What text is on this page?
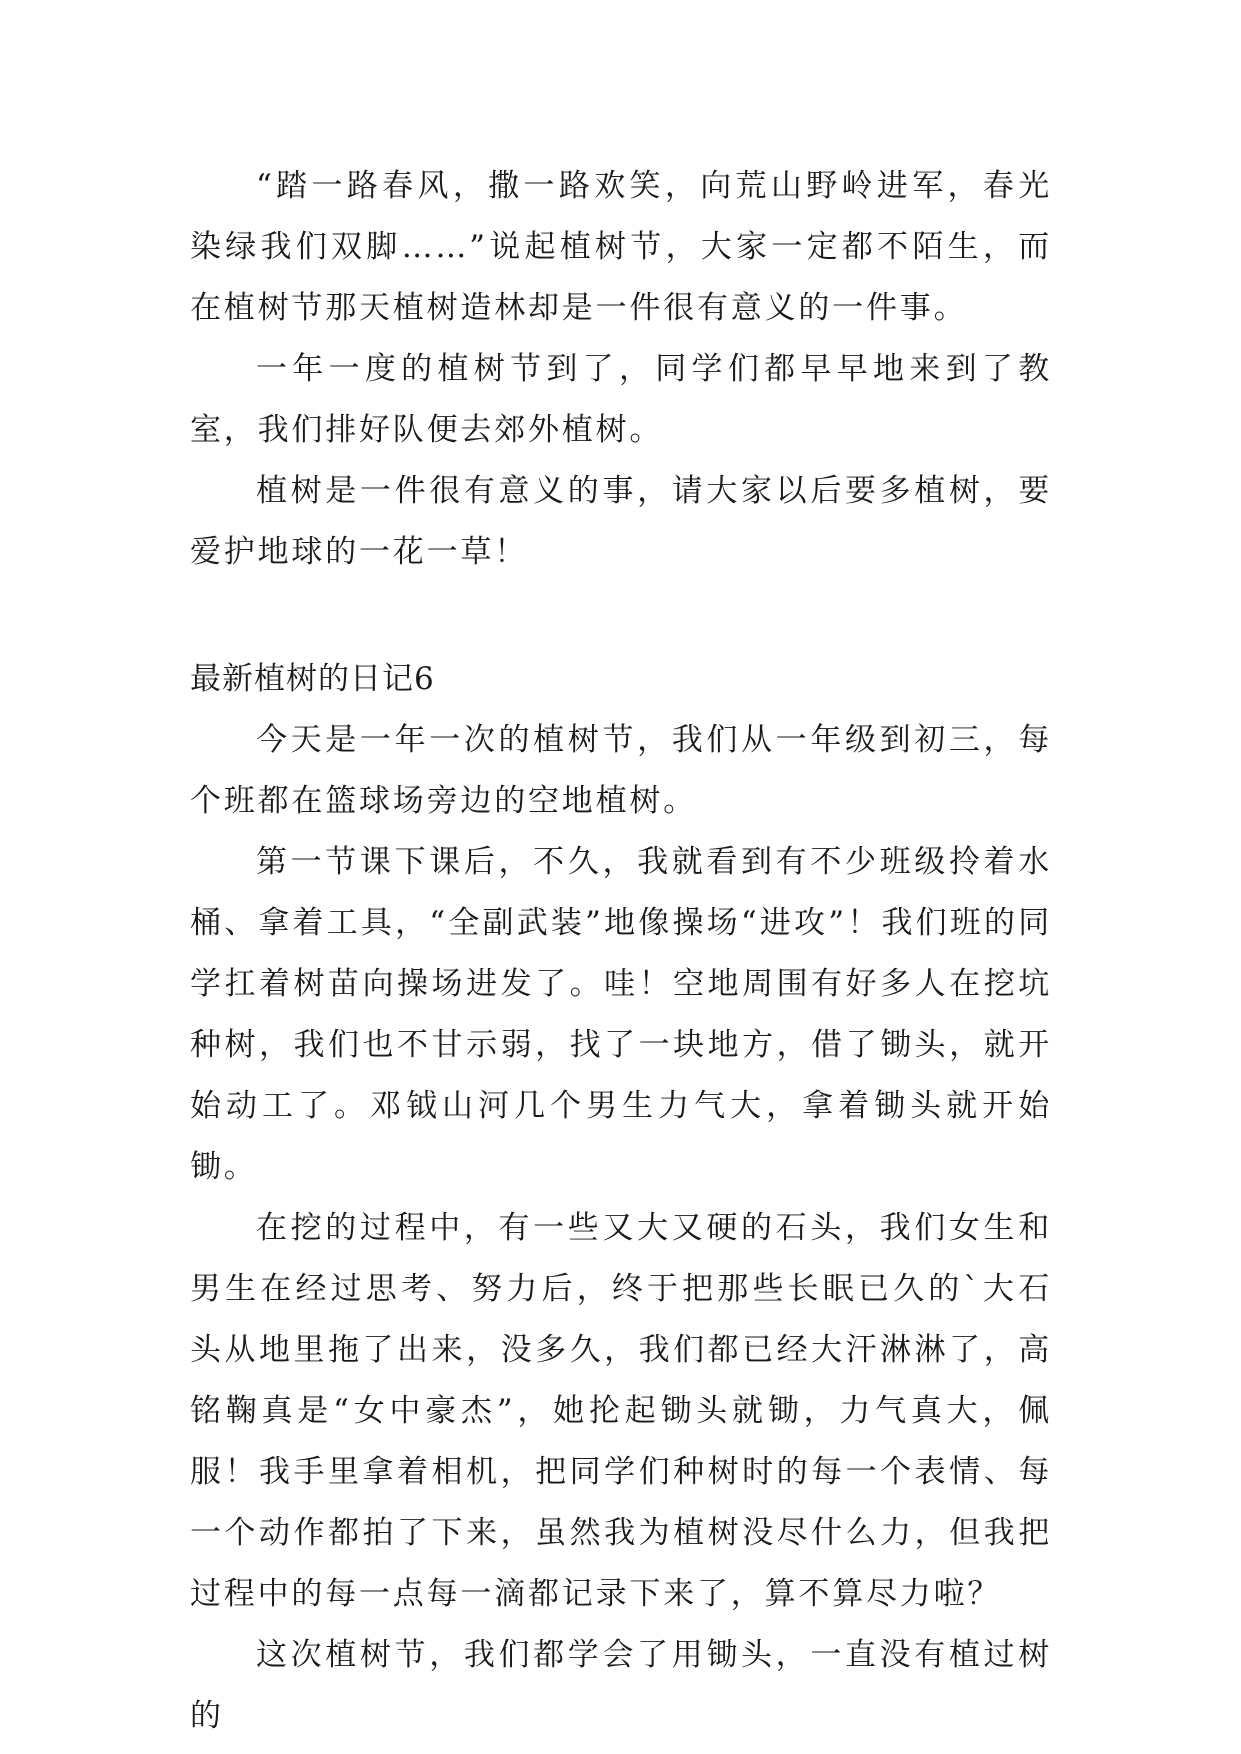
“踏一路春风，撒一路欢笑，向荒山野岭进军，春光染绿我们双脚……”说起植树节，大家一定都不陌生，而在植树节那天植树造林却是一件很有意义的一件事。

一年一度的植树节到了，同学们都早早地来到了教室，我们排好队便去郊外植树。

植树是一件很有意义的事，请大家以后要多植树，要爱护地球的一花一草！

最新植树的日记6

今天是一年一次的植树节，我们从一年级到初三，每个班都在篮球场旁边的空地植树。

第一节课下课后，不久，我就看到有不少班级拎着水桶、拿着工具，“全副武装”地像操场“进攻”！我们班的同学扛着树苗向操场进发了。哇！空地周围有好多人在挖坑种树，我们也不甘示弱，找了一块地方，借了锄头，就开始动工了。邓钺山河几个男生力气大，拿着锄头就开始锄。

在挖的过程中，有一些又大又硬的石头，我们女生和男生在经过思考、努力后，终于把那些长眠已久的`大石头从地里拖了出来，没多久，我们都已经大汗淋淋了，高铭鞠真是“女中豪杰”，她抡起锄头就锄，力气真大，佩服！我手里拿着相机，把同学们种树时的每一个表情、每一个动作都拍了下来，虽然我为植树没尽什么力，但我把过程中的每一点每一滴都记录下来了，算不算尽力啦？

这次植树节，我们都学会了用锄头，一直没有植过树的
